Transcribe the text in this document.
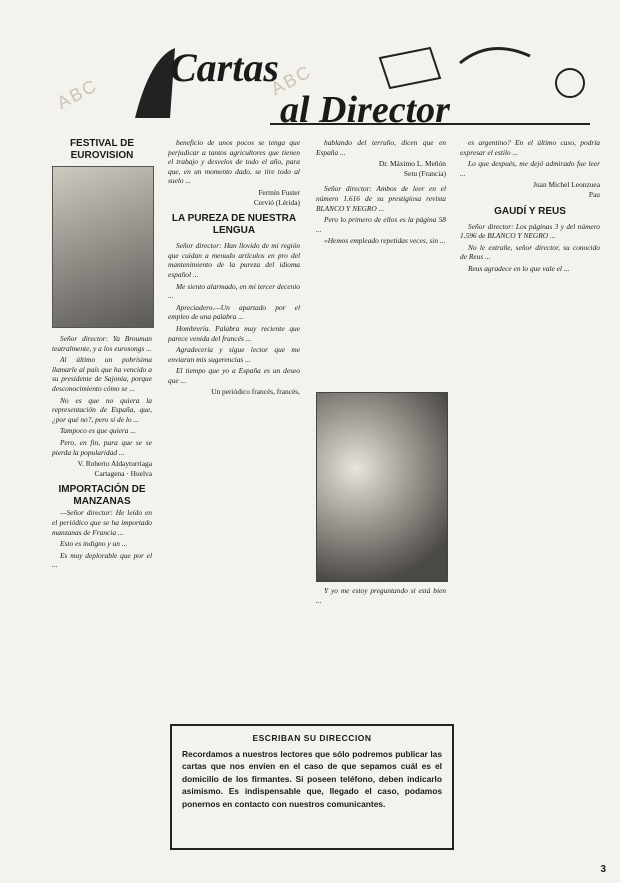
ABC	ABC
Cartas
al Director
FESTIVAL DE EUROVISION

Señor director: Ya Brouman teatralmente, y a los eurosongs ...

Al último un pobrísima llamarle al país que ha vencido a su presidente de Sajonia, porque desconocimiento cómo se ...

No es que no quiera la representación de España, que, ¿por qué no?, pero sí de lo ...

Tampoco es que quiera ...

Pero, en fin, para que se se pierda la popularidad ...

V. Roberto Aldayturriaga
Cartagena · Huelva
IMPORTACIÓN DE MANZANAS

—Señor director: He leído en el periódico que se ha importado manzanas de Francia ...

Esto es indigno y un ...

Es muy deplorable que por el ...

beneficio de unos pocos se tenga que perjudicar a tantos agricultores que tienen el trabajo y desvelos de todo el año, para que, en un momento dado, se tire todo al suelo ...

Fermín Fuster
Cervió (Lérida)
LA PUREZA DE NUESTRA LENGUA

Señor director: Han llovido de mi región que cuidan a menudo artículos en pro del mantenimiento de la pureza del idioma español ...

Me siento alarmado, en mi tercer decenio ...

Apreciadero.—Un apartado por el empleo de una palabra ...

Hombrería. Palabra muy reciente que parece venida del francés ...

Agradecería y sigue lector que me enviaran mis sugerencias ...

El tiempo que yo a España es un deseo que ...

Un periódico francés, francés,

hablando del terruño, dicen que en España ...

Dr. Máximo L. Meñón
Setu (Francia)

Señor director: Ambos de leer en el número 1.616 de su prestigiosa revista BLANCO Y NEGRO ...

Pero lo primero de ellos es la página 58 ...

«Hemos empleado repetidas veces, sin ...

Y yo me estoy preguntando si está bien ...

es argentino? En el último caso, podría expresar el estilo ...

Lo que después, me dejó admirado fue leer ...

Juan Michel Leonzuea
Pau
GAUDÍ Y REUS

Señor director: Los páginas 3 y del número 1.596 de BLANCO Y NEGRO ...

No le extrañe, señor director, su conocido de Reus ...

Reus agradece en lo que vale el ...

ESCRIBAN SU DIRECCION
Recordamos a nuestros lectores que sólo podremos publicar las cartas que nos envíen en el caso de que sepamos cuál es el domicilio de los firmantes. Si poseen teléfono, deben indicarlo asimismo. Es indispensable que, llegado el caso, podamos ponernos en contacto con nuestros comunicantes.
3
